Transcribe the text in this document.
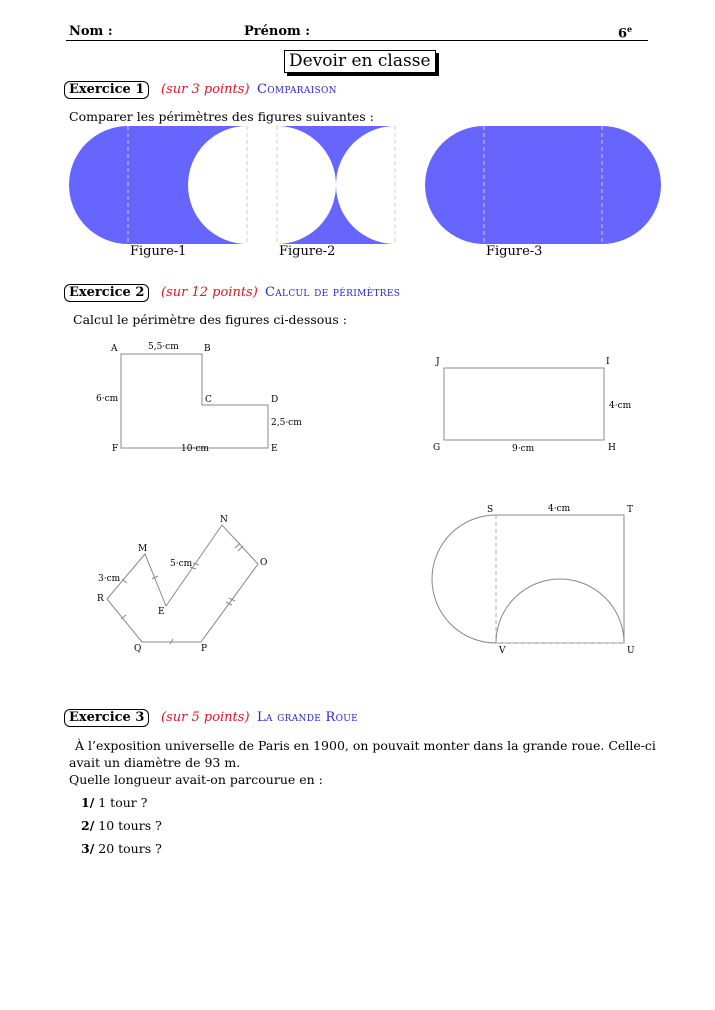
Nom :	Prénom :	6e
Devoir en classe
Exercice 1	(sur 3 points) Comparaison
Comparer les périmètres des figures suivantes :
Figure-1	Figure-2	Figure-3
Exercice 2	(sur 12 points) Calcul de périmètres
Calcul le périmètre des figures ci-dessous :
A	B
C	D
E
F
5,5·cm
6·cm
2,5·cm
10·cm
J	I
G	H
4·cm
9·cm
M
N
O
R
E
Q	P
3·cm
5·cm
S	T
V	U
4·cm
Exercice 3	(sur 5 points) La grande Roue
À l’exposition universelle de Paris en 1900, on pouvait monter dans la grande roue. Celle-ci
avait un diamètre de 93 m.
Quelle longueur avait-on parcourue en :
1/ 1 tour ?
2/ 10 tours ?
3/ 20 tours ?
